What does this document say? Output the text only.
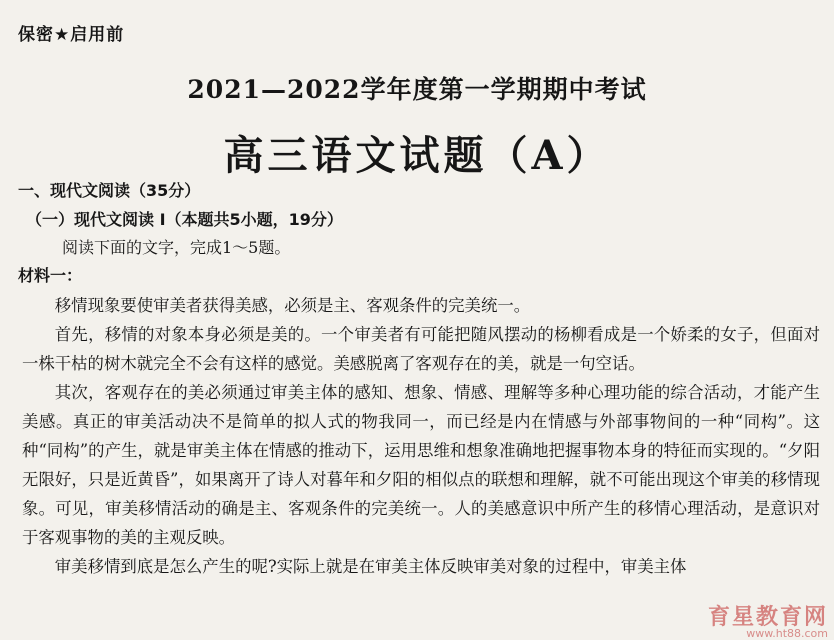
保密★启用前
2021—2022学年度第一学期期中考试
高三语文试题（A）
一、现代文阅读（35分）
（一）现代文阅读 I（本题共5小题，19分）
阅读下面的文字，完成1～5题。
材料一：

移情现象要使审美者获得美感，必须是主、客观条件的完美统一。

首先，移情的对象本身必须是美的。一个审美者有可能把随风摆动的杨柳看成是一个娇柔的女子，但面对一株干枯的树木就完全不会有这样的感觉。美感脱离了客观存在的美，就是一句空话。

其次，客观存在的美必须通过审美主体的感知、想象、情感、理解等多种心理功能的综合活动，才能产生美感。真正的审美活动决不是简单的拟人式的物我同一，而已经是内在情感与外部事物间的一种“同构”。这种“同构”的产生，就是审美主体在情感的推动下，运用思维和想象准确地把握事物本身的特征而实现的。“夕阳无限好，只是近黄昏”，如果离开了诗人对暮年和夕阳的相似点的联想和理解，就不可能出现这个审美的移情现象。可见，审美移情活动的确是主、客观条件的完美统一。人的美感意识中所产生的移情心理活动，是意识对于客观事物的美的主观反映。

审美移情到底是怎么产生的呢?实际上就是在审美主体反映审美对象的过程中，审美主体

育星教育网
www.ht88.com
